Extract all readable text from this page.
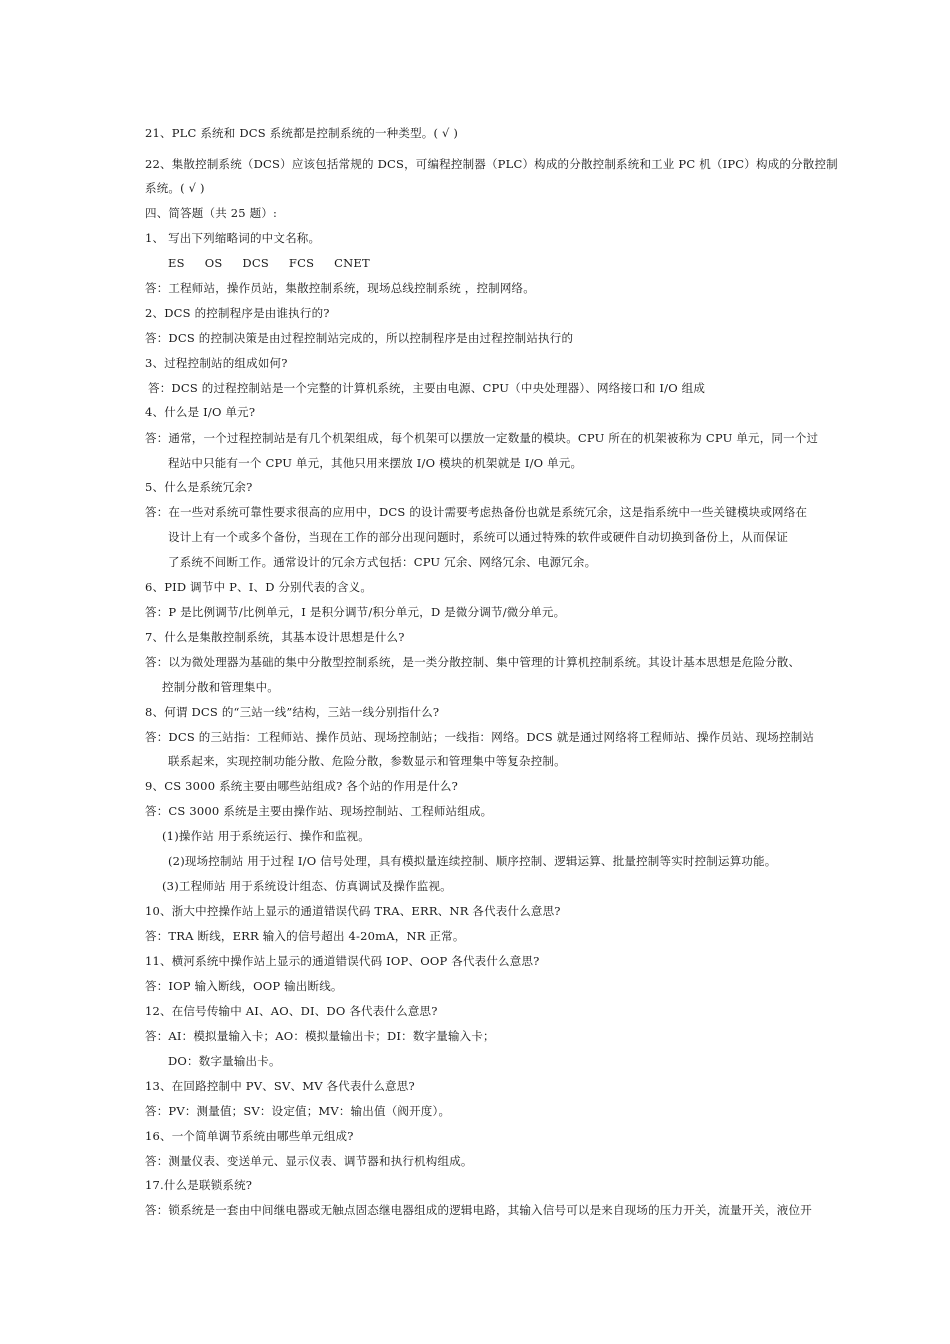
21、PLC 系统和 DCS 系统都是控制系统的一种类型。( √ )
22、集散控制系统（DCS）应该包括常规的 DCS，可编程控制器（PLC）构成的分散控制系统和工业 PC 机（IPC）构成的分散控制
系统。( √ )
四、简答题（共 25 题）:
1、 写出下列缩略词的中文名称。
ES OS DCS FCS CNET
答：工程师站，操作员站，集散控制系统，现场总线控制系统 ，控制网络。
2、DCS 的控制程序是由谁执行的?
答：DCS 的控制决策是由过程控制站完成的，所以控制程序是由过程控制站执行的
3、过程控制站的组成如何?
答：DCS 的过程控制站是一个完整的计算机系统，主要由电源、CPU（中央处理器）、网络接口和 I/O 组成
4、什么是 I/O 单元?
答：通常，一个过程控制站是有几个机架组成，每个机架可以摆放一定数量的模块。CPU 所在的机架被称为 CPU 单元，同一个过
程站中只能有一个 CPU 单元，其他只用来摆放 I/O 模块的机架就是 I/O 单元。
5、什么是系统冗余?
答：在一些对系统可靠性要求很高的应用中，DCS 的设计需要考虑热备份也就是系统冗余，这是指系统中一些关键模块或网络在
设计上有一个或多个备份，当现在工作的部分出现问题时，系统可以通过特殊的软件或硬件自动切换到备份上，从而保证
了系统不间断工作。通常设计的冗余方式包括：CPU 冗余、网络冗余、电源冗余。
6、PID 调节中 P、I、D 分别代表的含义。
答：P 是比例调节/比例单元，I 是积分调节/积分单元，D 是微分调节/微分单元。
7、什么是集散控制系统，其基本设计思想是什么?
答：以为微处理器为基础的集中分散型控制系统，是一类分散控制、集中管理的计算机控制系统。其设计基本思想是危险分散、
控制分散和管理集中。
8、何谓 DCS 的“三站一线”结构，三站一线分别指什么?
答：DCS 的三站指：工程师站、操作员站、现场控制站；一线指：网络。DCS 就是通过网络将工程师站、操作员站、现场控制站
联系起来，实现控制功能分散、危险分散，参数显示和管理集中等复杂控制。
9、CS 3000 系统主要由哪些站组成? 各个站的作用是什么?
答：CS 3000 系统是主要由操作站、现场控制站、工程师站组成。
(1)操作站 用于系统运行、操作和监视。
(2)现场控制站 用于过程 I/O 信号处理，具有模拟量连续控制、顺序控制、逻辑运算、批量控制等实时控制运算功能。
(3)工程师站 用于系统设计组态、仿真调试及操作监视。
10、浙大中控操作站上显示的通道错误代码 TRA、ERR、NR 各代表什么意思?
答：TRA 断线，ERR 输入的信号超出 4-20mA，NR 正常。
11、横河系统中操作站上显示的通道错误代码 IOP、OOP 各代表什么意思?
答：IOP 输入断线，OOP 输出断线。
12、在信号传输中 AI、AO、DI、DO 各代表什么意思?
答：AI：模拟量输入卡；AO：模拟量输出卡；DI：数字量输入卡；
DO：数字量输出卡。
13、在回路控制中 PV、SV、MV 各代表什么意思?
答：PV：测量值；SV：设定值；MV：输出值（阀开度）。
16、一个简单调节系统由哪些单元组成?
答：测量仪表、变送单元、显示仪表、调节器和执行机构组成。
17.什么是联锁系统?
答：锁系统是一套由中间继电器或无触点固态继电器组成的逻辑电路，其输入信号可以是来自现场的压力开关，流量开关，液位开
